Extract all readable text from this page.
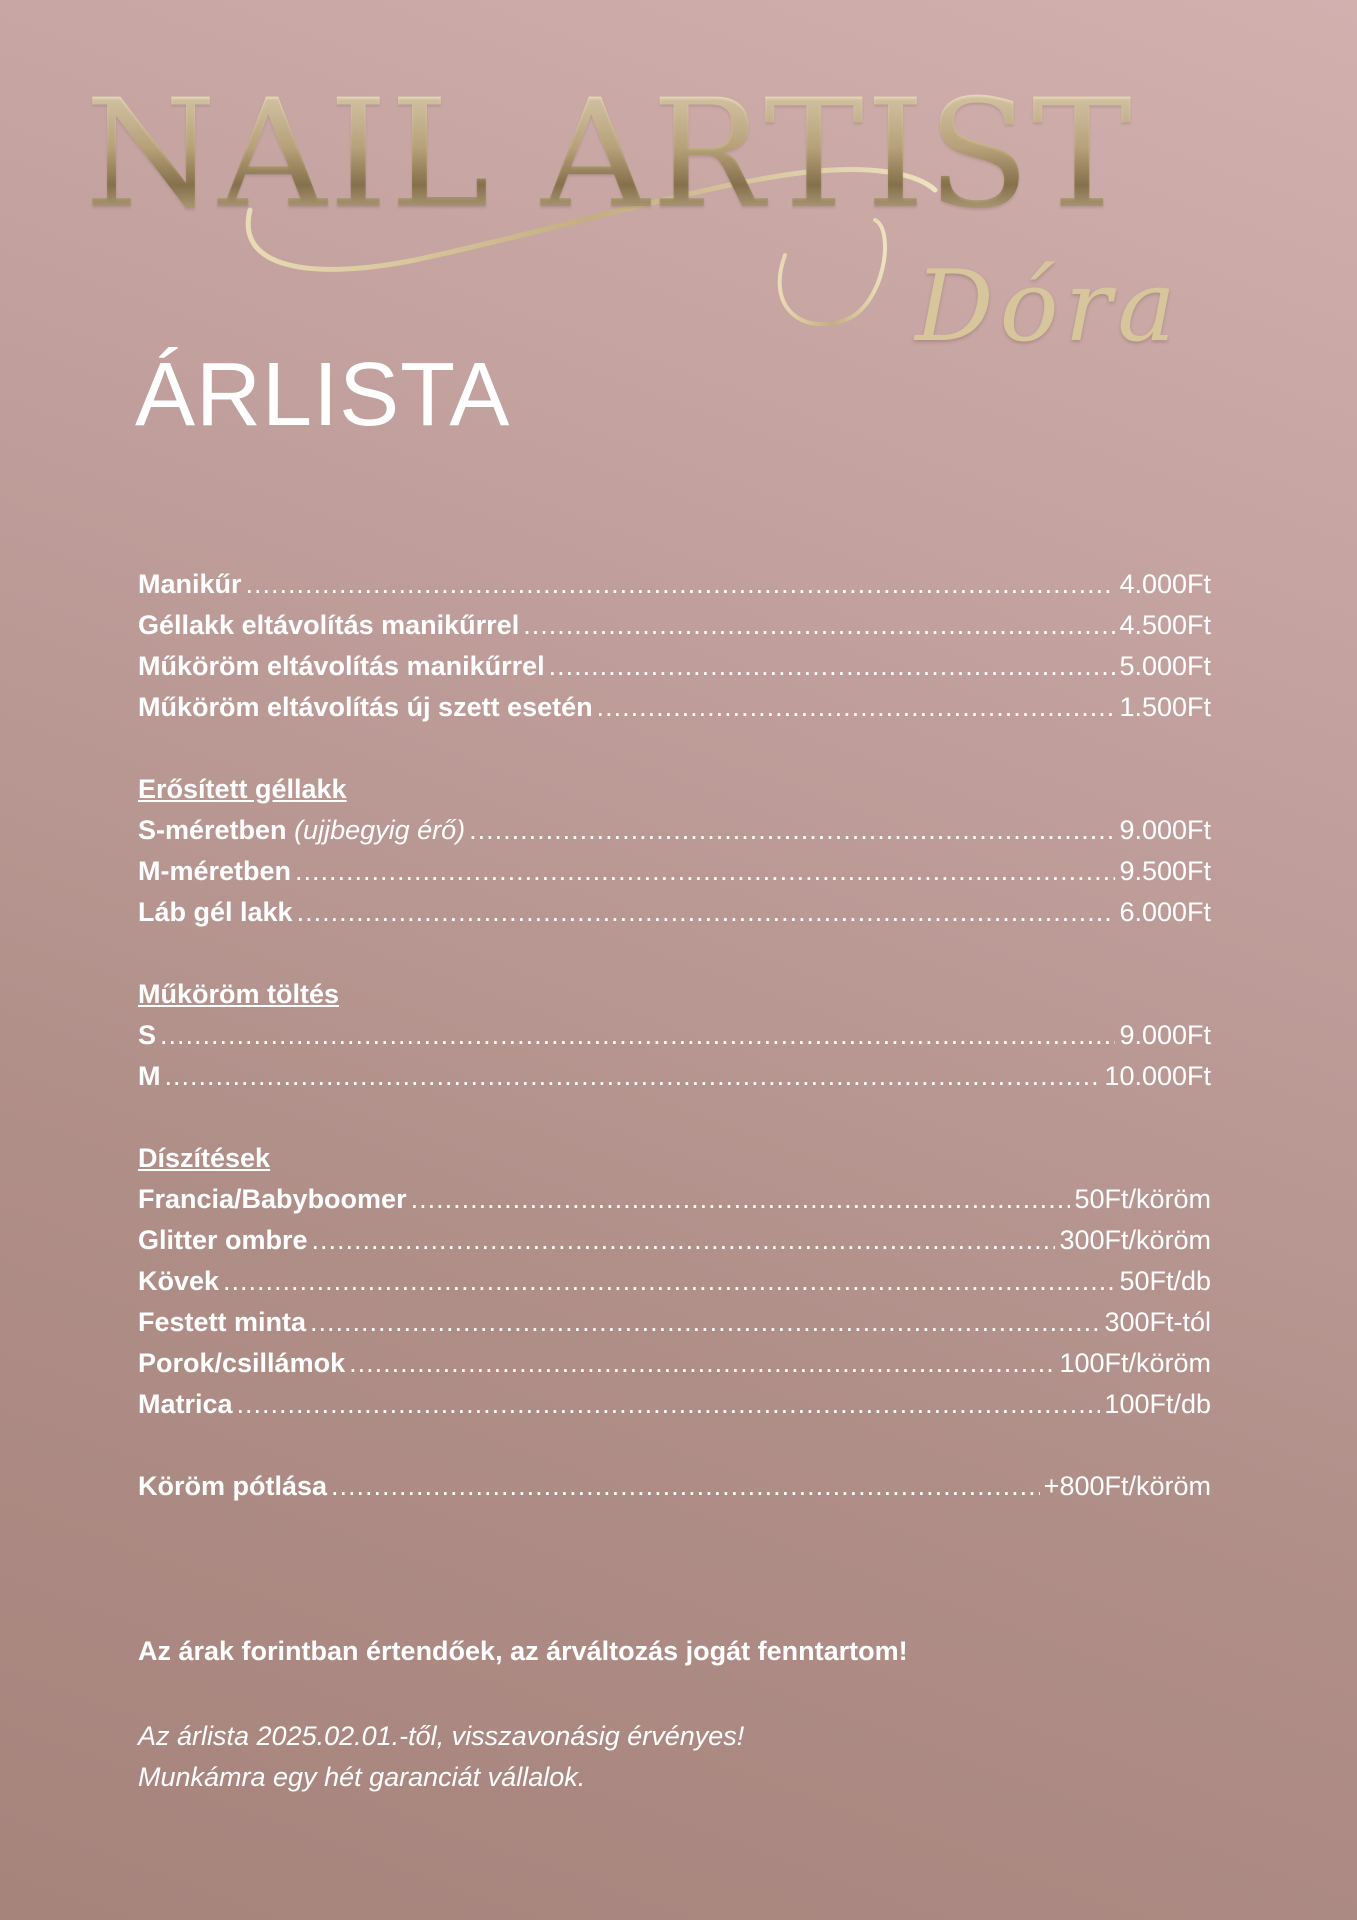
NAIL ARTIST
Dóra
ÁRLISTA
Manikűr .....	4.000Ft
Géllakk eltávolítás manikűrrel .....	4.500Ft
Műköröm eltávolítás manikűrrel .....	5.000Ft
Műköröm eltávolítás új szett esetén .....	1.500Ft
Erősített géllakk
S-méretben (ujjbegyig érő) .....	9.000Ft
M-méretben .....	9.500Ft
Láb gél lakk .....	6.000Ft
Műköröm töltés
S .....	9.000Ft
M .....	10.000Ft
Díszítések
Francia/Babyboomer .....	50Ft/köröm
Glitter ombre .....	300Ft/köröm
Kövek .....	50Ft/db
Festett minta .....	300Ft-tól
Porok/csillámok .....	100Ft/köröm
Matrica .....	100Ft/db
Köröm pótlása .....	+800Ft/köröm
Az árak forintban értendőek, az árváltozás jogát fenntartom!
Az árlista 2025.02.01.-től, visszavonásig érvényes!
Munkámra egy hét garanciát vállalok.
